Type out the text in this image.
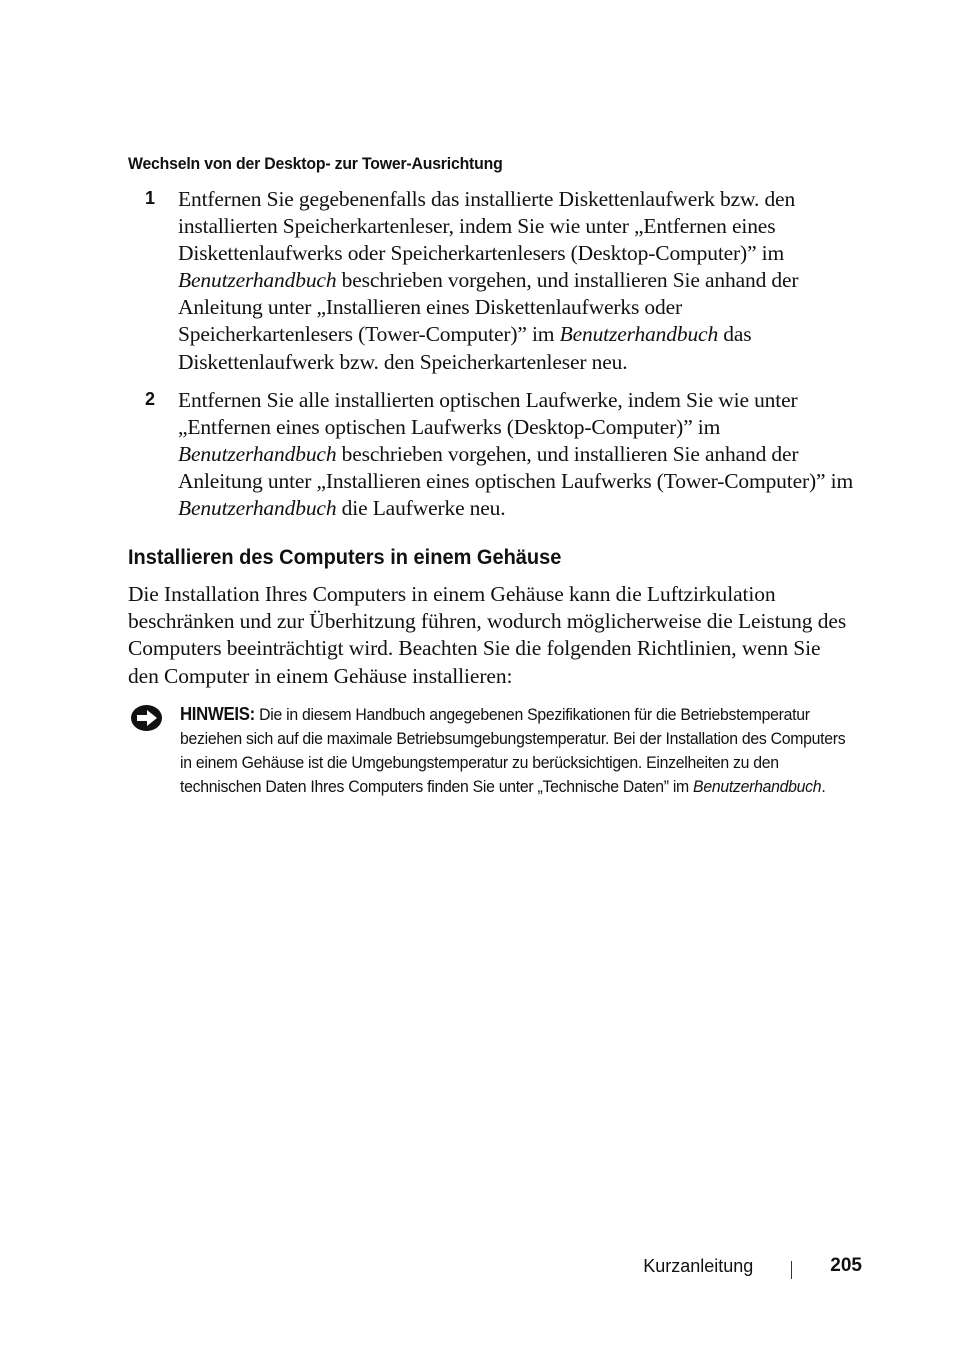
Wechseln von der Desktop- zur Tower-Ausrichtung
1 Entfernen Sie gegebenenfalls das installierte Diskettenlaufwerk bzw. den installierten Speicherkartenleser, indem Sie wie unter „Entfernen eines Diskettenlaufwerks oder Speicherkartenlesers (Desktop-Computer)” im Benutzerhandbuch beschrieben vorgehen, und installieren Sie anhand der Anleitung unter „Installieren eines Diskettenlaufwerks oder Speicherkartenlesers (Tower-Computer)” im Benutzerhandbuch das Diskettenlaufwerk bzw. den Speicherkartenleser neu.
2 Entfernen Sie alle installierten optischen Laufwerke, indem Sie wie unter „Entfernen eines optischen Laufwerks (Desktop-Computer)” im Benutzerhandbuch beschrieben vorgehen, und installieren Sie anhand der Anleitung unter „Installieren eines optischen Laufwerks (Tower-Computer)” im Benutzerhandbuch die Laufwerke neu.
Installieren des Computers in einem Gehäuse
Die Installation Ihres Computers in einem Gehäuse kann die Luftzirkulation beschränken und zur Überhitzung führen, wodurch möglicherweise die Leistung des Computers beeinträchtigt wird. Beachten Sie die folgenden Richtlinien, wenn Sie den Computer in einem Gehäuse installieren:
HINWEIS: Die in diesem Handbuch angegebenen Spezifikationen für die Betriebstemperatur beziehen sich auf die maximale Betriebsumgebungstemperatur. Bei der Installation des Computers in einem Gehäuse ist die Umgebungstemperatur zu berücksichtigen. Einzelheiten zu den technischen Daten Ihres Computers finden Sie unter „Technische Daten” im Benutzerhandbuch.
Kurzanleitung	205
